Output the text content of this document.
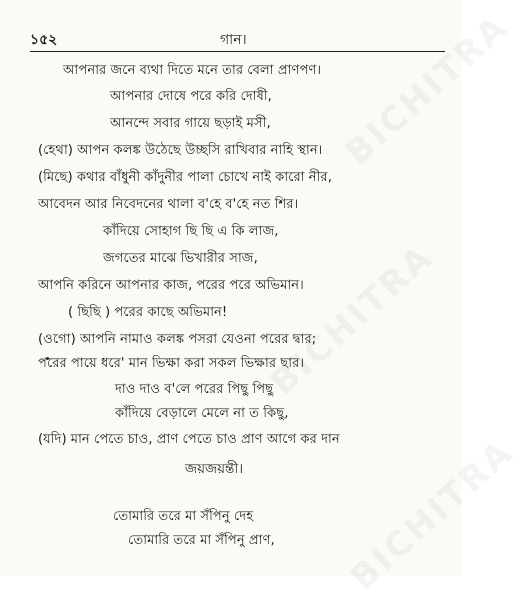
BICHITRA
BICHITRA
BICHITRA
১৫২	গান।
আপনার জনে ব্যথা দিতে মনে তার বেলা প্রাণপণ।
আপনার দোষে পরে করি দোষী,
আনন্দে সবার গায়ে ছড়াই মসী,
(হেথা) আপন কলঙ্ক উঠেছে উচ্ছসি রাখিবার নাহি স্থান।
(মিছে) কথার বাঁধুনী কাঁদুনীর পালা চোখে নাই কারো নীর,
আবেদন আর নিবেদনের থালা ব'হে ব'হে নত শির।
কাঁদিয়ে সোহাগ ছি ছি এ কি লাজ,
জগতের মাঝে ভিখারীর সাজ,
আপনি করিনে আপনার কাজ, পরের পরে অভিমান।
( ছিছি ) পরের কাছে অভিমান!
(ওগো) আপনি নামাও কলঙ্ক পসরা যেওনা পরের দ্বার;
পরের পায়ে ধরে' মান ভিক্ষা করা সকল ভিক্ষার ছার।
দাও দাও ব'লে পরের পিছু পিছু
কাঁদিয়ে বেড়ালে মেলে না ত কিছু,
(যদি) মান পেতে চাও, প্রাণ পেতে চাও প্রাণ আগে কর দান
জয়জয়ন্তী।
তোমারি তরে মা সঁপিনু দেহ
তোমারি তরে মা সঁপিনু প্রাণ,
